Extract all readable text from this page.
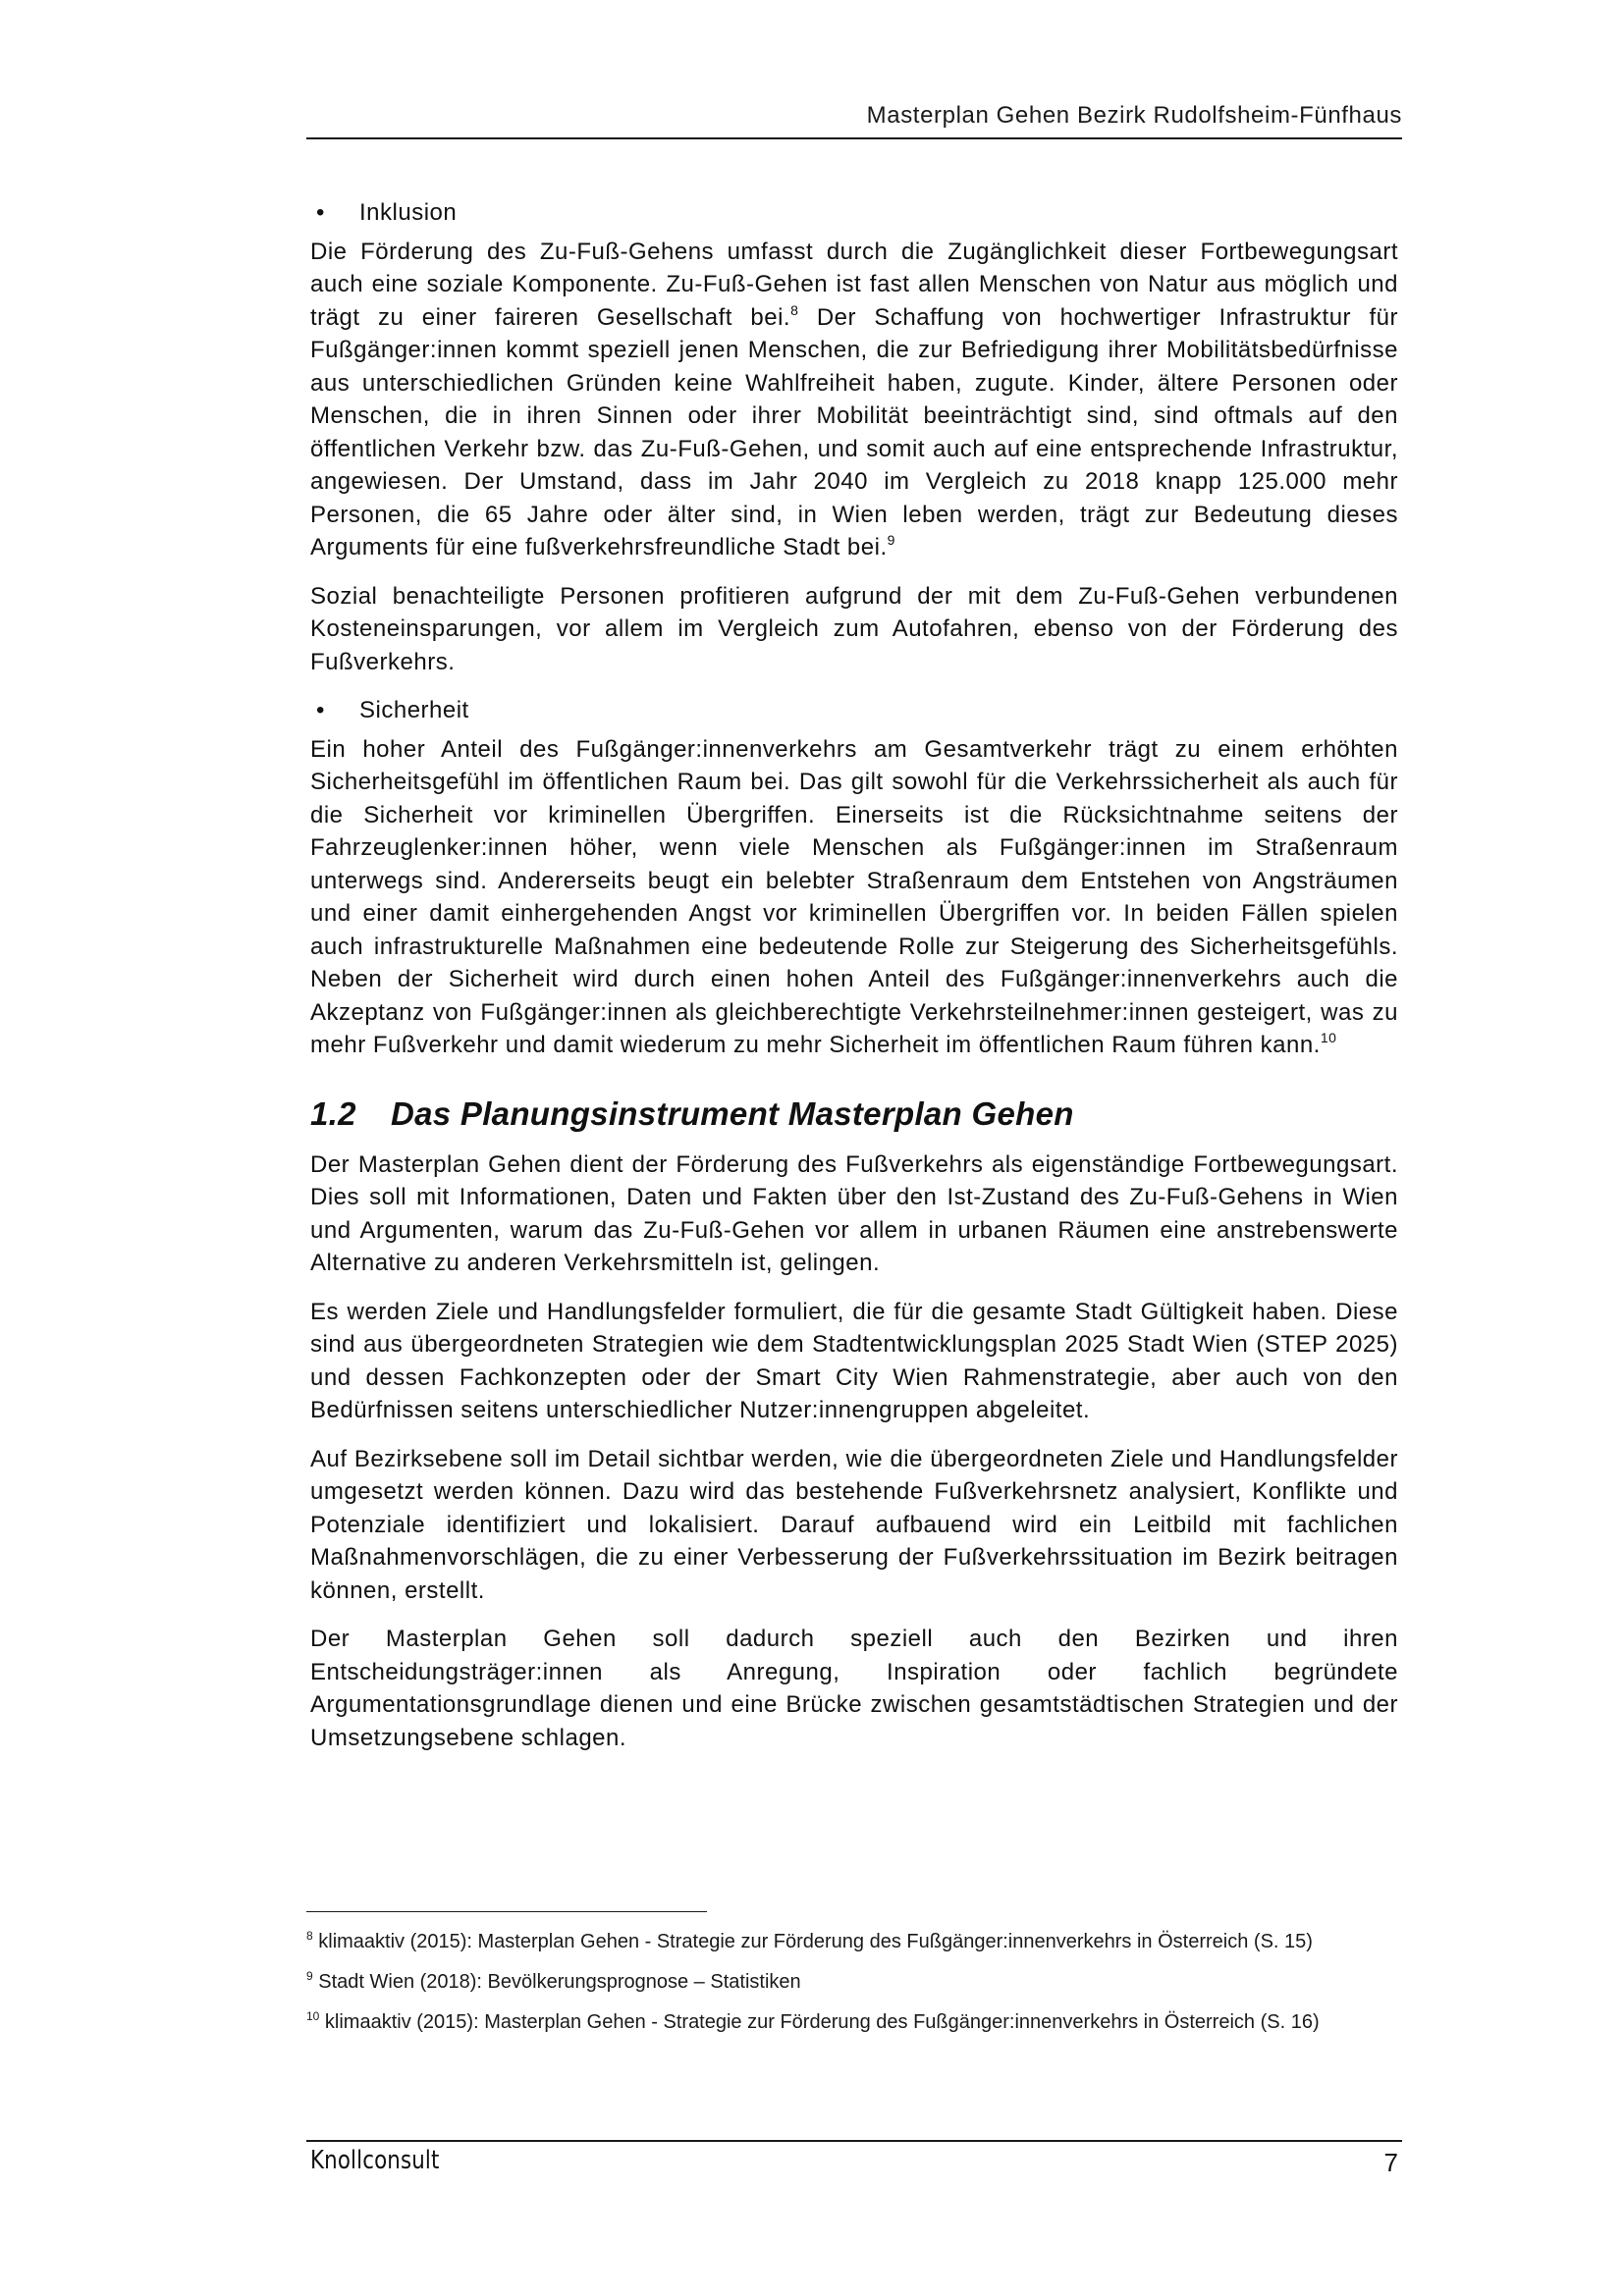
Masterplan Gehen Bezirk Rudolfsheim-Fünfhaus
• Inklusion

Die Förderung des Zu-Fuß-Gehens umfasst durch die Zugänglichkeit dieser Fortbewegungsart auch eine soziale Komponente. Zu-Fuß-Gehen ist fast allen Menschen von Natur aus möglich und trägt zu einer faireren Gesellschaft bei.$^8$ Der Schaffung von hochwertiger Infrastruktur für Fußgänger:innen kommt speziell jenen Menschen, die zur Befriedigung ihrer Mobilitätsbedürfnisse aus unterschiedlichen Gründen keine Wahlfreiheit haben, zugute. Kinder, ältere Personen oder Menschen, die in ihren Sinnen oder ihrer Mobilität beeinträchtigt sind, sind oftmals auf den öffentlichen Verkehr bzw. das Zu-Fuß-Gehen, und somit auch auf eine entsprechende Infrastruktur, angewiesen. Der Umstand, dass im Jahr 2040 im Vergleich zu 2018 knapp 125.000 mehr Personen, die 65 Jahre oder älter sind, in Wien leben werden, trägt zur Bedeutung dieses Arguments für eine fußverkehrsfreundliche Stadt bei.$^9$

Sozial benachteiligte Personen profitieren aufgrund der mit dem Zu-Fuß-Gehen verbundenen Kosteneinsparungen, vor allem im Vergleich zum Autofahren, ebenso von der Förderung des Fußverkehrs.

• Sicherheit

Ein hoher Anteil des Fußgänger:innenverkehrs am Gesamtverkehr trägt zu einem erhöhten Sicherheitsgefühl im öffentlichen Raum bei. Das gilt sowohl für die Verkehrssicherheit als auch für die Sicherheit vor kriminellen Übergriffen. Einerseits ist die Rücksichtnahme seitens der Fahrzeuglenker:innen höher, wenn viele Menschen als Fußgänger:innen im Straßenraum unterwegs sind. Andererseits beugt ein belebter Straßenraum dem Entstehen von Angsträumen und einer damit einhergehenden Angst vor kriminellen Übergriffen vor. In beiden Fällen spielen auch infrastrukturelle Maßnahmen eine bedeutende Rolle zur Steigerung des Sicherheitsgefühls. Neben der Sicherheit wird durch einen hohen Anteil des Fußgänger:innenverkehrs auch die Akzeptanz von Fußgänger:innen als gleichberechtigte Verkehrsteilnehmer:innen gesteigert, was zu mehr Fußverkehr und damit wiederum zu mehr Sicherheit im öffentlichen Raum führen kann.$^{10}$

1.2 Das Planungsinstrument Masterplan Gehen

Der Masterplan Gehen dient der Förderung des Fußverkehrs als eigenständige Fortbewegungsart. Dies soll mit Informationen, Daten und Fakten über den Ist-Zustand des Zu-Fuß-Gehens in Wien und Argumenten, warum das Zu-Fuß-Gehen vor allem in urbanen Räumen eine anstrebenswerte Alternative zu anderen Verkehrsmitteln ist, gelingen.

Es werden Ziele und Handlungsfelder formuliert, die für die gesamte Stadt Gültigkeit haben. Diese sind aus übergeordneten Strategien wie dem Stadtentwicklungsplan 2025 Stadt Wien (STEP 2025) und dessen Fachkonzepten oder der Smart City Wien Rahmenstrategie, aber auch von den Bedürfnissen seitens unterschiedlicher Nutzer:innengruppen abgeleitet.

Auf Bezirksebene soll im Detail sichtbar werden, wie die übergeordneten Ziele und Handlungsfelder umgesetzt werden können. Dazu wird das bestehende Fußverkehrsnetz analysiert, Konflikte und Potenziale identifiziert und lokalisiert. Darauf aufbauend wird ein Leitbild mit fachlichen Maßnahmenvorschlägen, die zu einer Verbesserung der Fußverkehrssituation im Bezirk beitragen können, erstellt.

Der Masterplan Gehen soll dadurch speziell auch den Bezirken und ihren Entscheidungsträger:innen als Anregung, Inspiration oder fachlich begründete Argumentationsgrundlage dienen und eine Brücke zwischen gesamtstädtischen Strategien und der Umsetzungsebene schlagen.

$^8$ klimaaktiv (2015): Masterplan Gehen - Strategie zur Förderung des Fußgänger:innenverkehrs in Österreich (S. 15)

$^9$ Stadt Wien (2018): Bevölkerungsprognose – Statistiken

$^{10}$ klimaaktiv (2015): Masterplan Gehen - Strategie zur Förderung des Fußgänger:innenverkehrs in Österreich (S. 16)

Knollconsult	7
